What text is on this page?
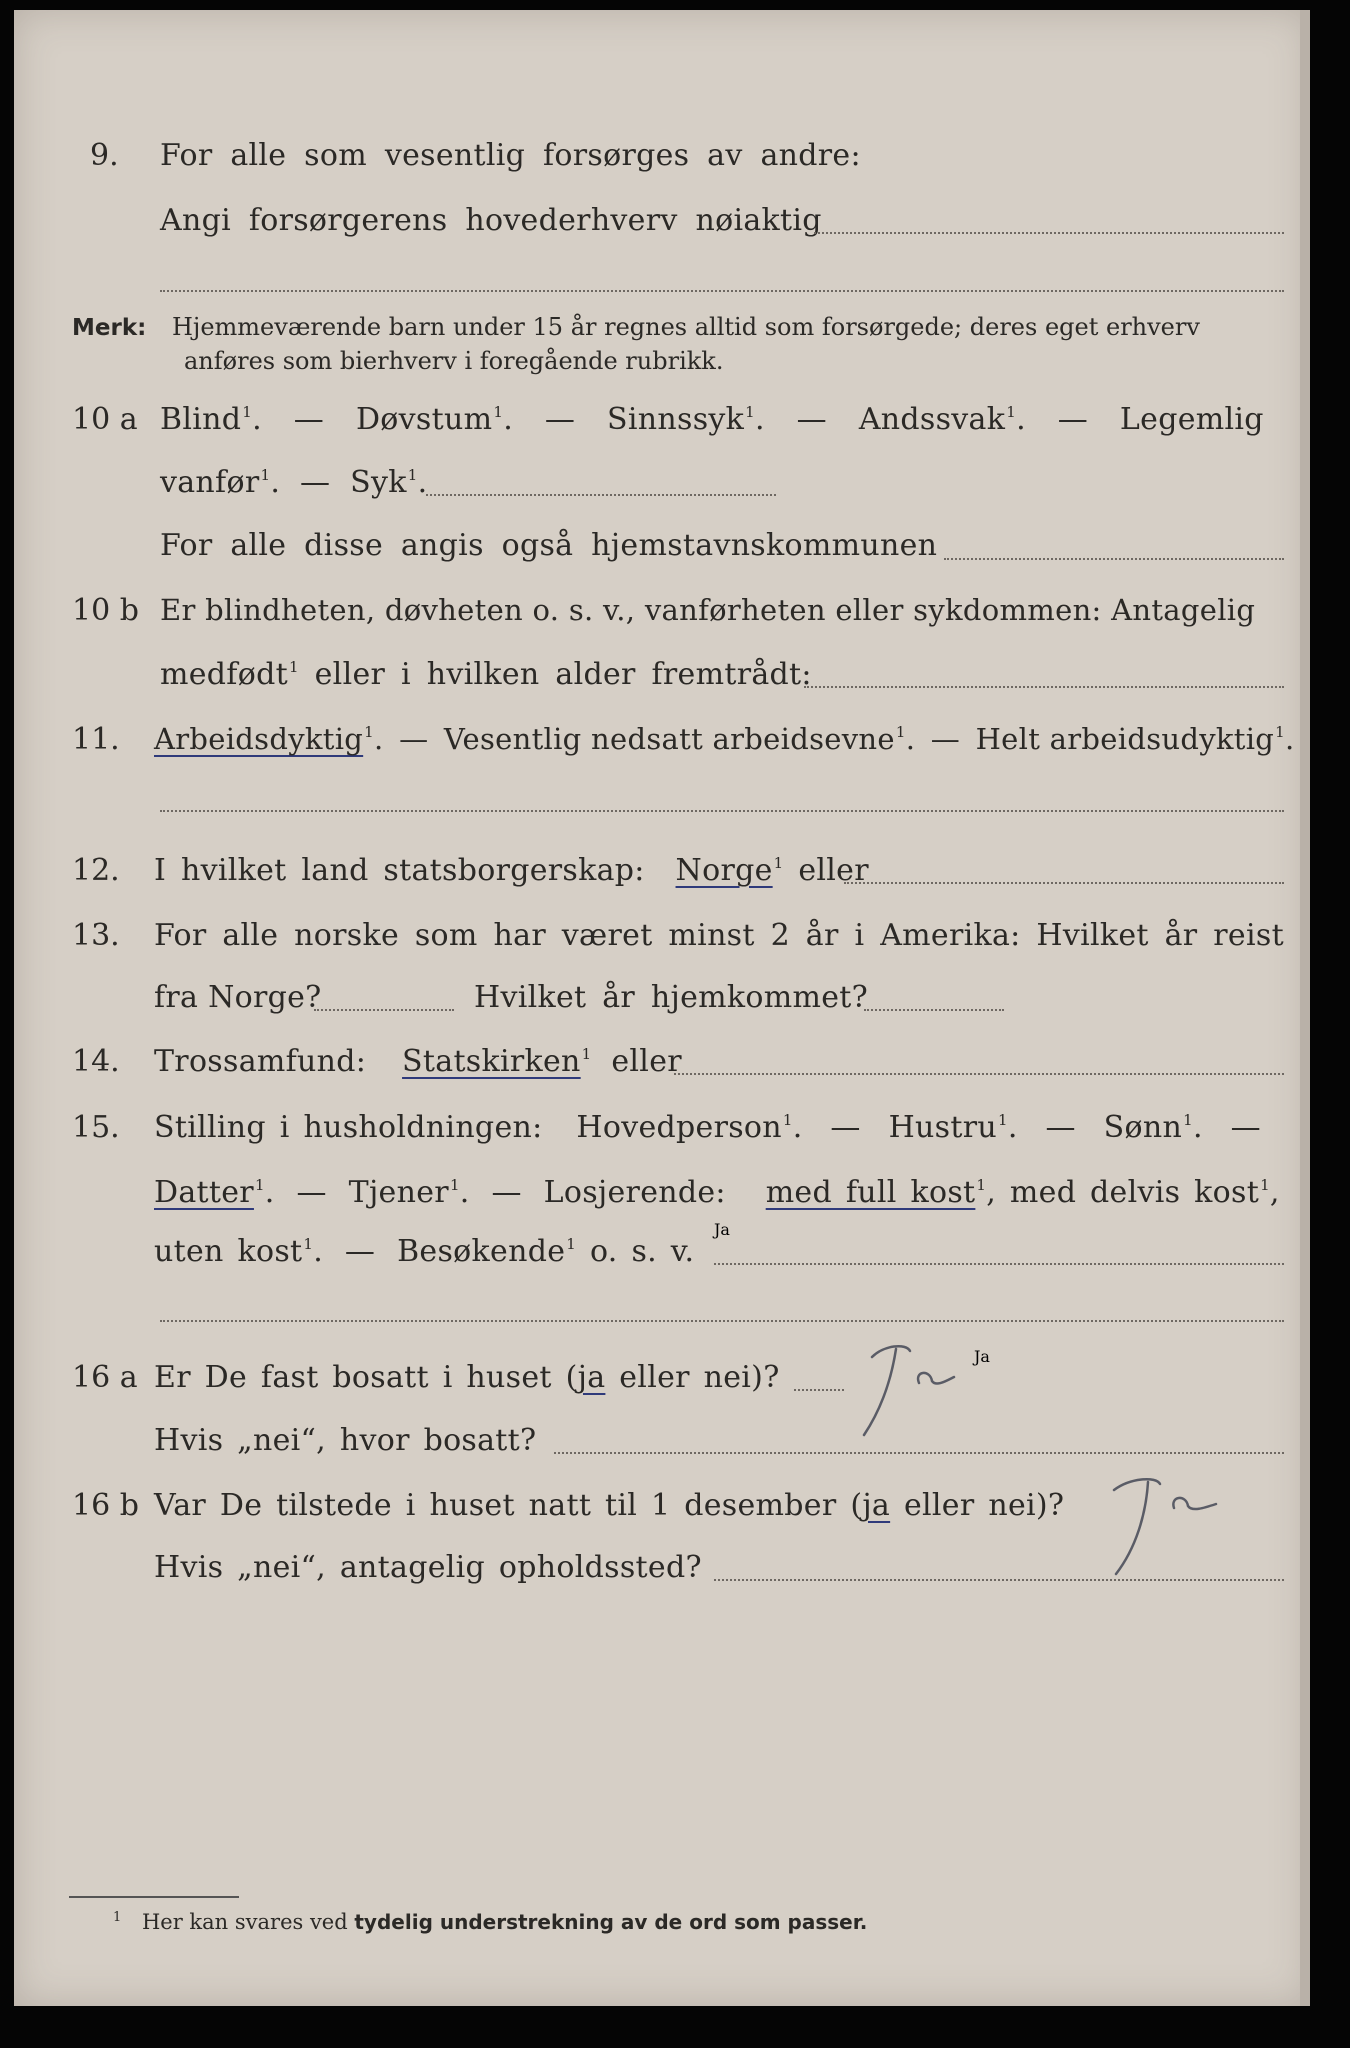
9. For alle som vesentlig forsørges av andre:
Angi forsørgerens hovederhverv nøiaktig
Merk: Hjemmeværende barn under 15 år regnes alltid som forsørgede; deres eget erhverv
anføres som bierhverv i foregående rubrikk.
10 a Blind$^1$. — Døvstum$^1$. — Sinnssyk$^1$. — Andssvak$^1$. — Legemlig
vanfør$^1$. — Syk$^1$.
For alle disse angis også hjemstavnskommunen
10 b Er blindheten, døvheten o. s. v., vanførheten eller sykdommen: Antagelig
medfødt$^1$ eller i hvilken alder fremtrådt:
11. Arbeidsdyktig$^1$. — Vesentlig nedsatt arbeidsevne$^1$. — Helt arbeidsudyktig$^1$.
12. I hvilket land statsborgerskap: Norge$^1$ eller
13. For alle norske som har været minst 2 år i Amerika: Hvilket år reist
fra Norge?	Hvilket år hjemkommet?
14. Trossamfund: Statskirken$^1$ eller
15. Stilling i husholdningen: Hovedperson$^1$. — Hustru$^1$. — Sønn$^1$. —
Datter$^1$. — Tjener$^1$. — Losjerende: med full kost$^1$, med delvis kost$^1$,
uten kost$^1$. — Besøkende$^1$ o. s. v.
16 a Er De fast bosatt i huset (ja eller nei)?
Ja
Hvis „nei“, hvor bosatt?
16 b Var De tilstede i huset natt til 1 desember (ja eller nei)?
Ja
Hvis „nei“, antagelig opholdssted?
$^1$ Her kan svares ved tydelig understrekning av de ord som passer.
